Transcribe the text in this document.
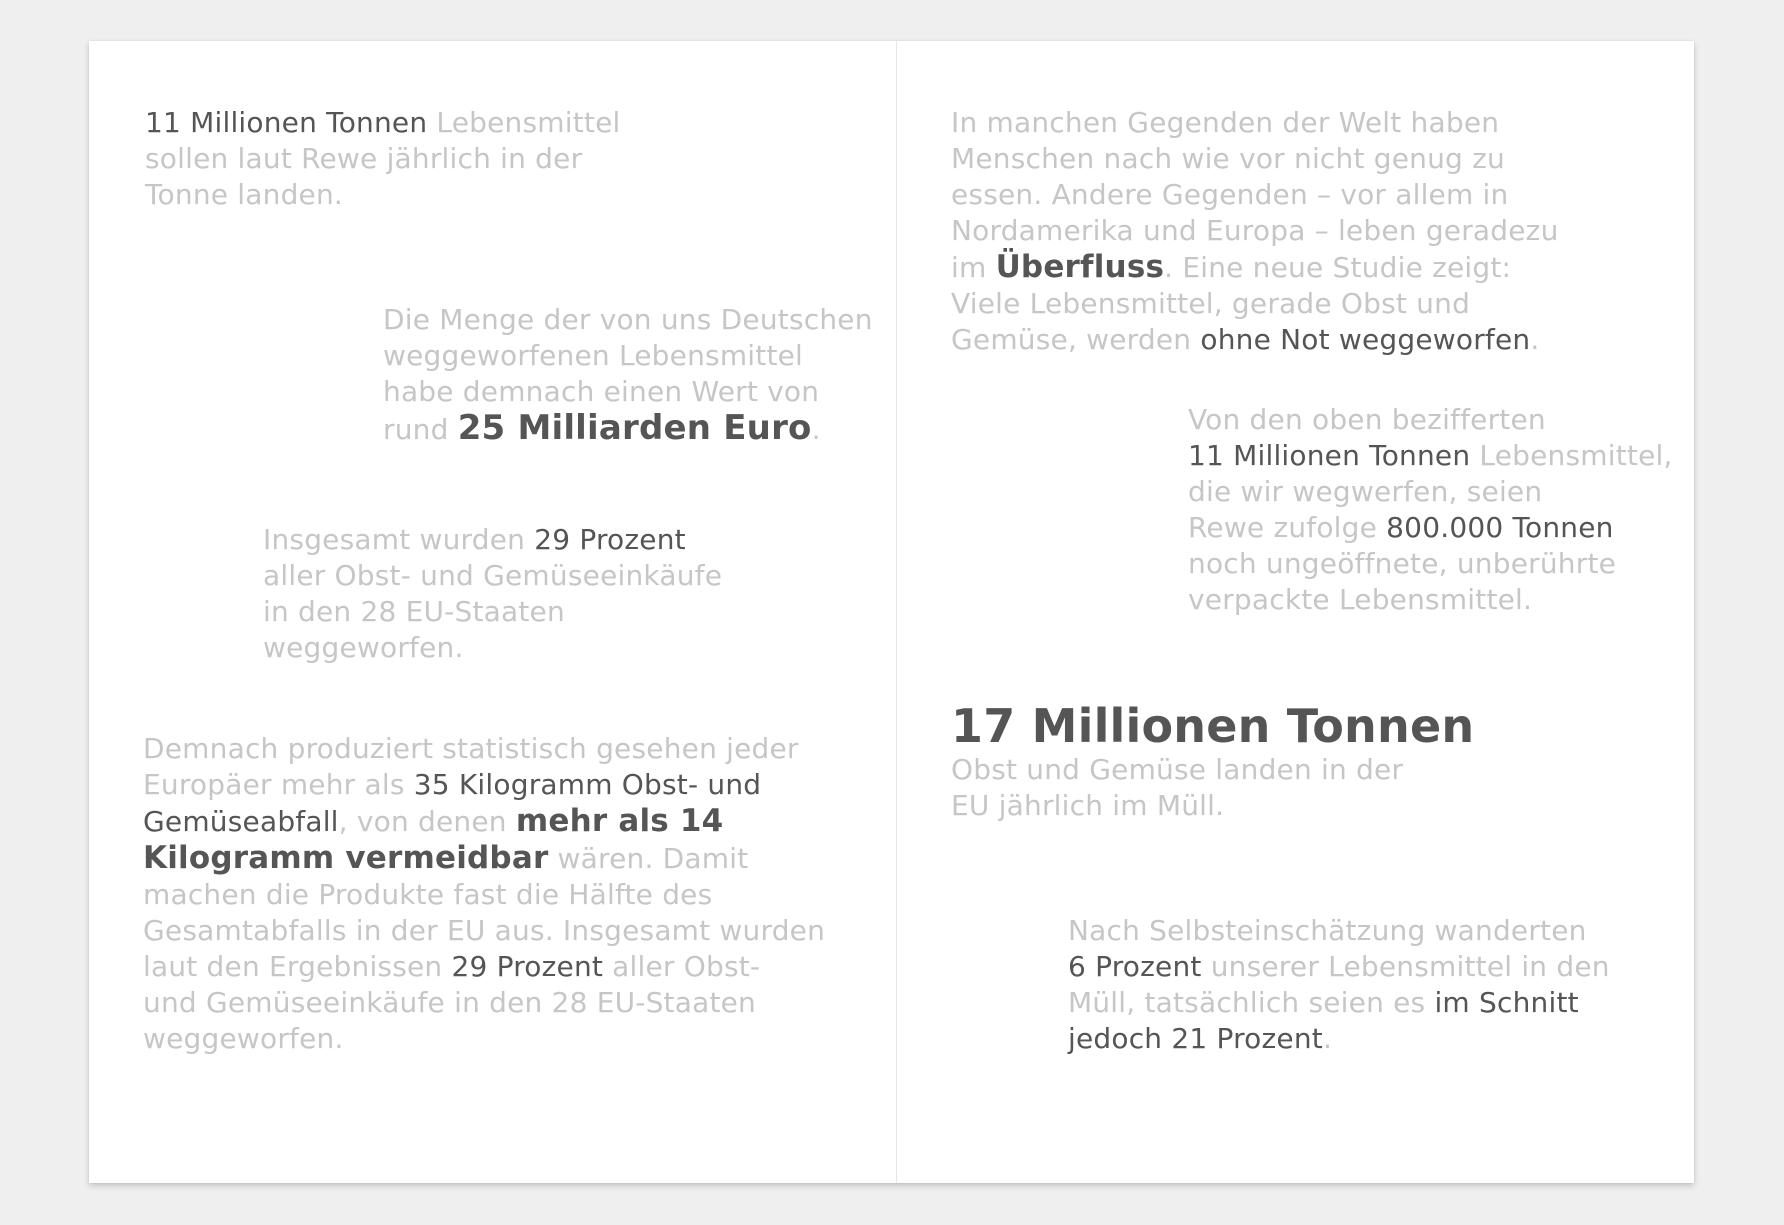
11 Millionen Tonnen Lebensmittel
sollen laut Rewe jährlich in der
Tonne landen.

Die Menge der von uns Deutschen
weggeworfenen Lebensmittel
habe demnach einen Wert von
rund 25 Milliarden Euro.

Insgesamt wurden 29 Prozent
aller Obst- und Gemüseeinkäufe
in den 28 EU-Staaten
weggeworfen.

Demnach produziert statistisch gesehen jeder
Europäer mehr als 35 Kilogramm Obst- und
Gemüseabfall, von denen mehr als 14
Kilogramm vermeidbar wären. Damit
machen die Produkte fast die Hälfte des
Gesamtabfalls in der EU aus. Insgesamt wurden
laut den Ergebnissen 29 Prozent aller Obst-
und Gemüseeinkäufe in den 28 EU-Staaten
weggeworfen.

In manchen Gegenden der Welt haben
Menschen nach wie vor nicht genug zu
essen. Andere Gegenden – vor allem in
Nordamerika und Europa – leben geradezu
im Überfluss. Eine neue Studie zeigt:
Viele Lebensmittel, gerade Obst und
Gemüse, werden ohne Not weggeworfen.

Von den oben bezifferten
11 Millionen Tonnen Lebensmittel,
die wir wegwerfen, seien
Rewe zufolge 800.000 Tonnen
noch ungeöffnete, unberührte
verpackte Lebensmittel.

17 Millionen Tonnen
Obst und Gemüse landen in der
EU jährlich im Müll.

Nach Selbsteinschätzung wanderten
6 Prozent unserer Lebensmittel in den
Müll, tatsächlich seien es im Schnitt
jedoch 21 Prozent.
